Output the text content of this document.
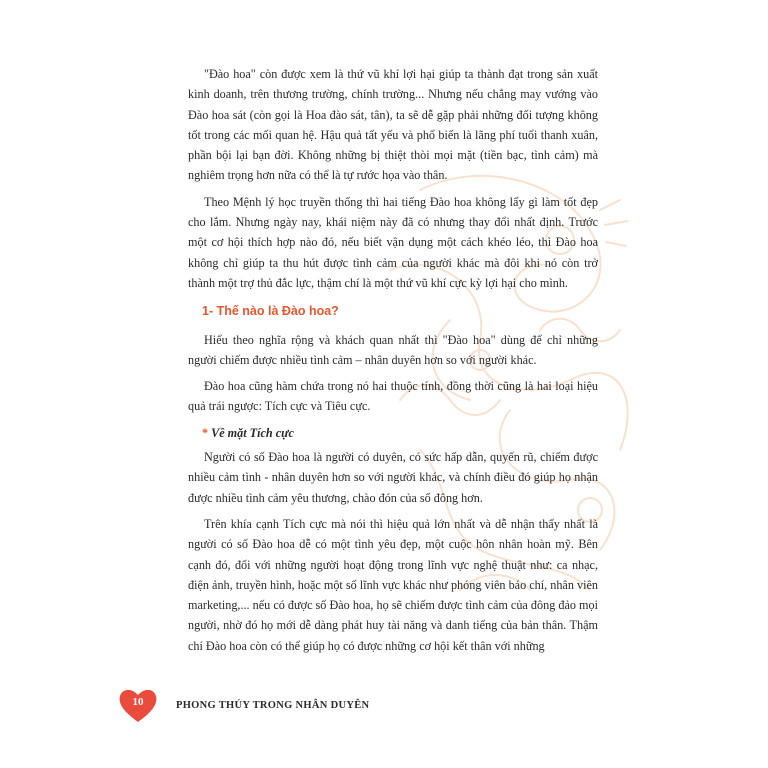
"Đào hoa" còn được xem là thứ vũ khí lợi hại giúp ta thành đạt trong sản xuất kinh doanh, trên thương trường, chính trường... Nhưng nếu chẳng may vướng vào Đào hoa sát (còn gọi là Hoa đào sát, tân), ta sẽ dễ gặp phải những đối tượng không tốt trong các mối quan hệ. Hậu quả tất yếu và phổ biến là lãng phí tuổi thanh xuân, phần bội lại bạn đời. Không những bị thiệt thòi mọi mặt (tiền bạc, tình cảm) mà nghiêm trọng hơn nữa có thể là tự rước họa vào thân.

Theo Mệnh lý học truyền thống thì hai tiếng Đào hoa không lấy gì làm tốt đẹp cho lắm. Nhưng ngày nay, khái niệm này đã có nhưng thay đổi nhất định. Trước một cơ hội thích hợp nào đó, nếu biết vận dụng một cách khéo léo, thì Đào hoa không chỉ giúp ta thu hút được tình cảm của người khác mà đôi khi nó còn trở thành một trợ thủ đắc lực, thậm chí là một thứ vũ khí cực kỳ lợi hại cho mình.

1- Thế nào là Đào hoa?

Hiểu theo nghĩa rộng và khách quan nhất thì "Đào hoa" dùng để chỉ những người chiếm được nhiều tình cảm – nhân duyên hơn so với người khác.

Đào hoa cũng hàm chứa trong nó hai thuộc tính, đồng thời cũng là hai loại hiệu quả trái ngược: Tích cực và Tiêu cực.

* Về mặt Tích cực

Người có số Đào hoa là người có duyên, có sức hấp dẫn, quyến rũ, chiếm được nhiều cảm tình - nhân duyên hơn so với người khác, và chính điều đó giúp họ nhận được nhiều tình cảm yêu thương, chào đón của số đông hơn.

Trên khía cạnh Tích cực mà nói thì hiệu quả lớn nhất và dễ nhận thấy nhất là người có số Đào hoa dễ có một tình yêu đẹp, một cuộc hôn nhân hoàn mỹ. Bên cạnh đó, đối với những người hoạt động trong lĩnh vực nghệ thuật như: ca nhạc, điện ảnh, truyền hình, hoặc một số lĩnh vực khác như phóng viên báo chí, nhân viên marketing,... nếu có được số Đào hoa, họ sẽ chiếm được tình cảm của đông đảo mọi người, nhờ đó họ mới dễ dàng phát huy tài năng và danh tiếng của bản thân. Thậm chí Đào hoa còn có thể giúp họ có được những cơ hội kết thân với những

10	PHONG THỦY TRONG NHÂN DUYÊN
